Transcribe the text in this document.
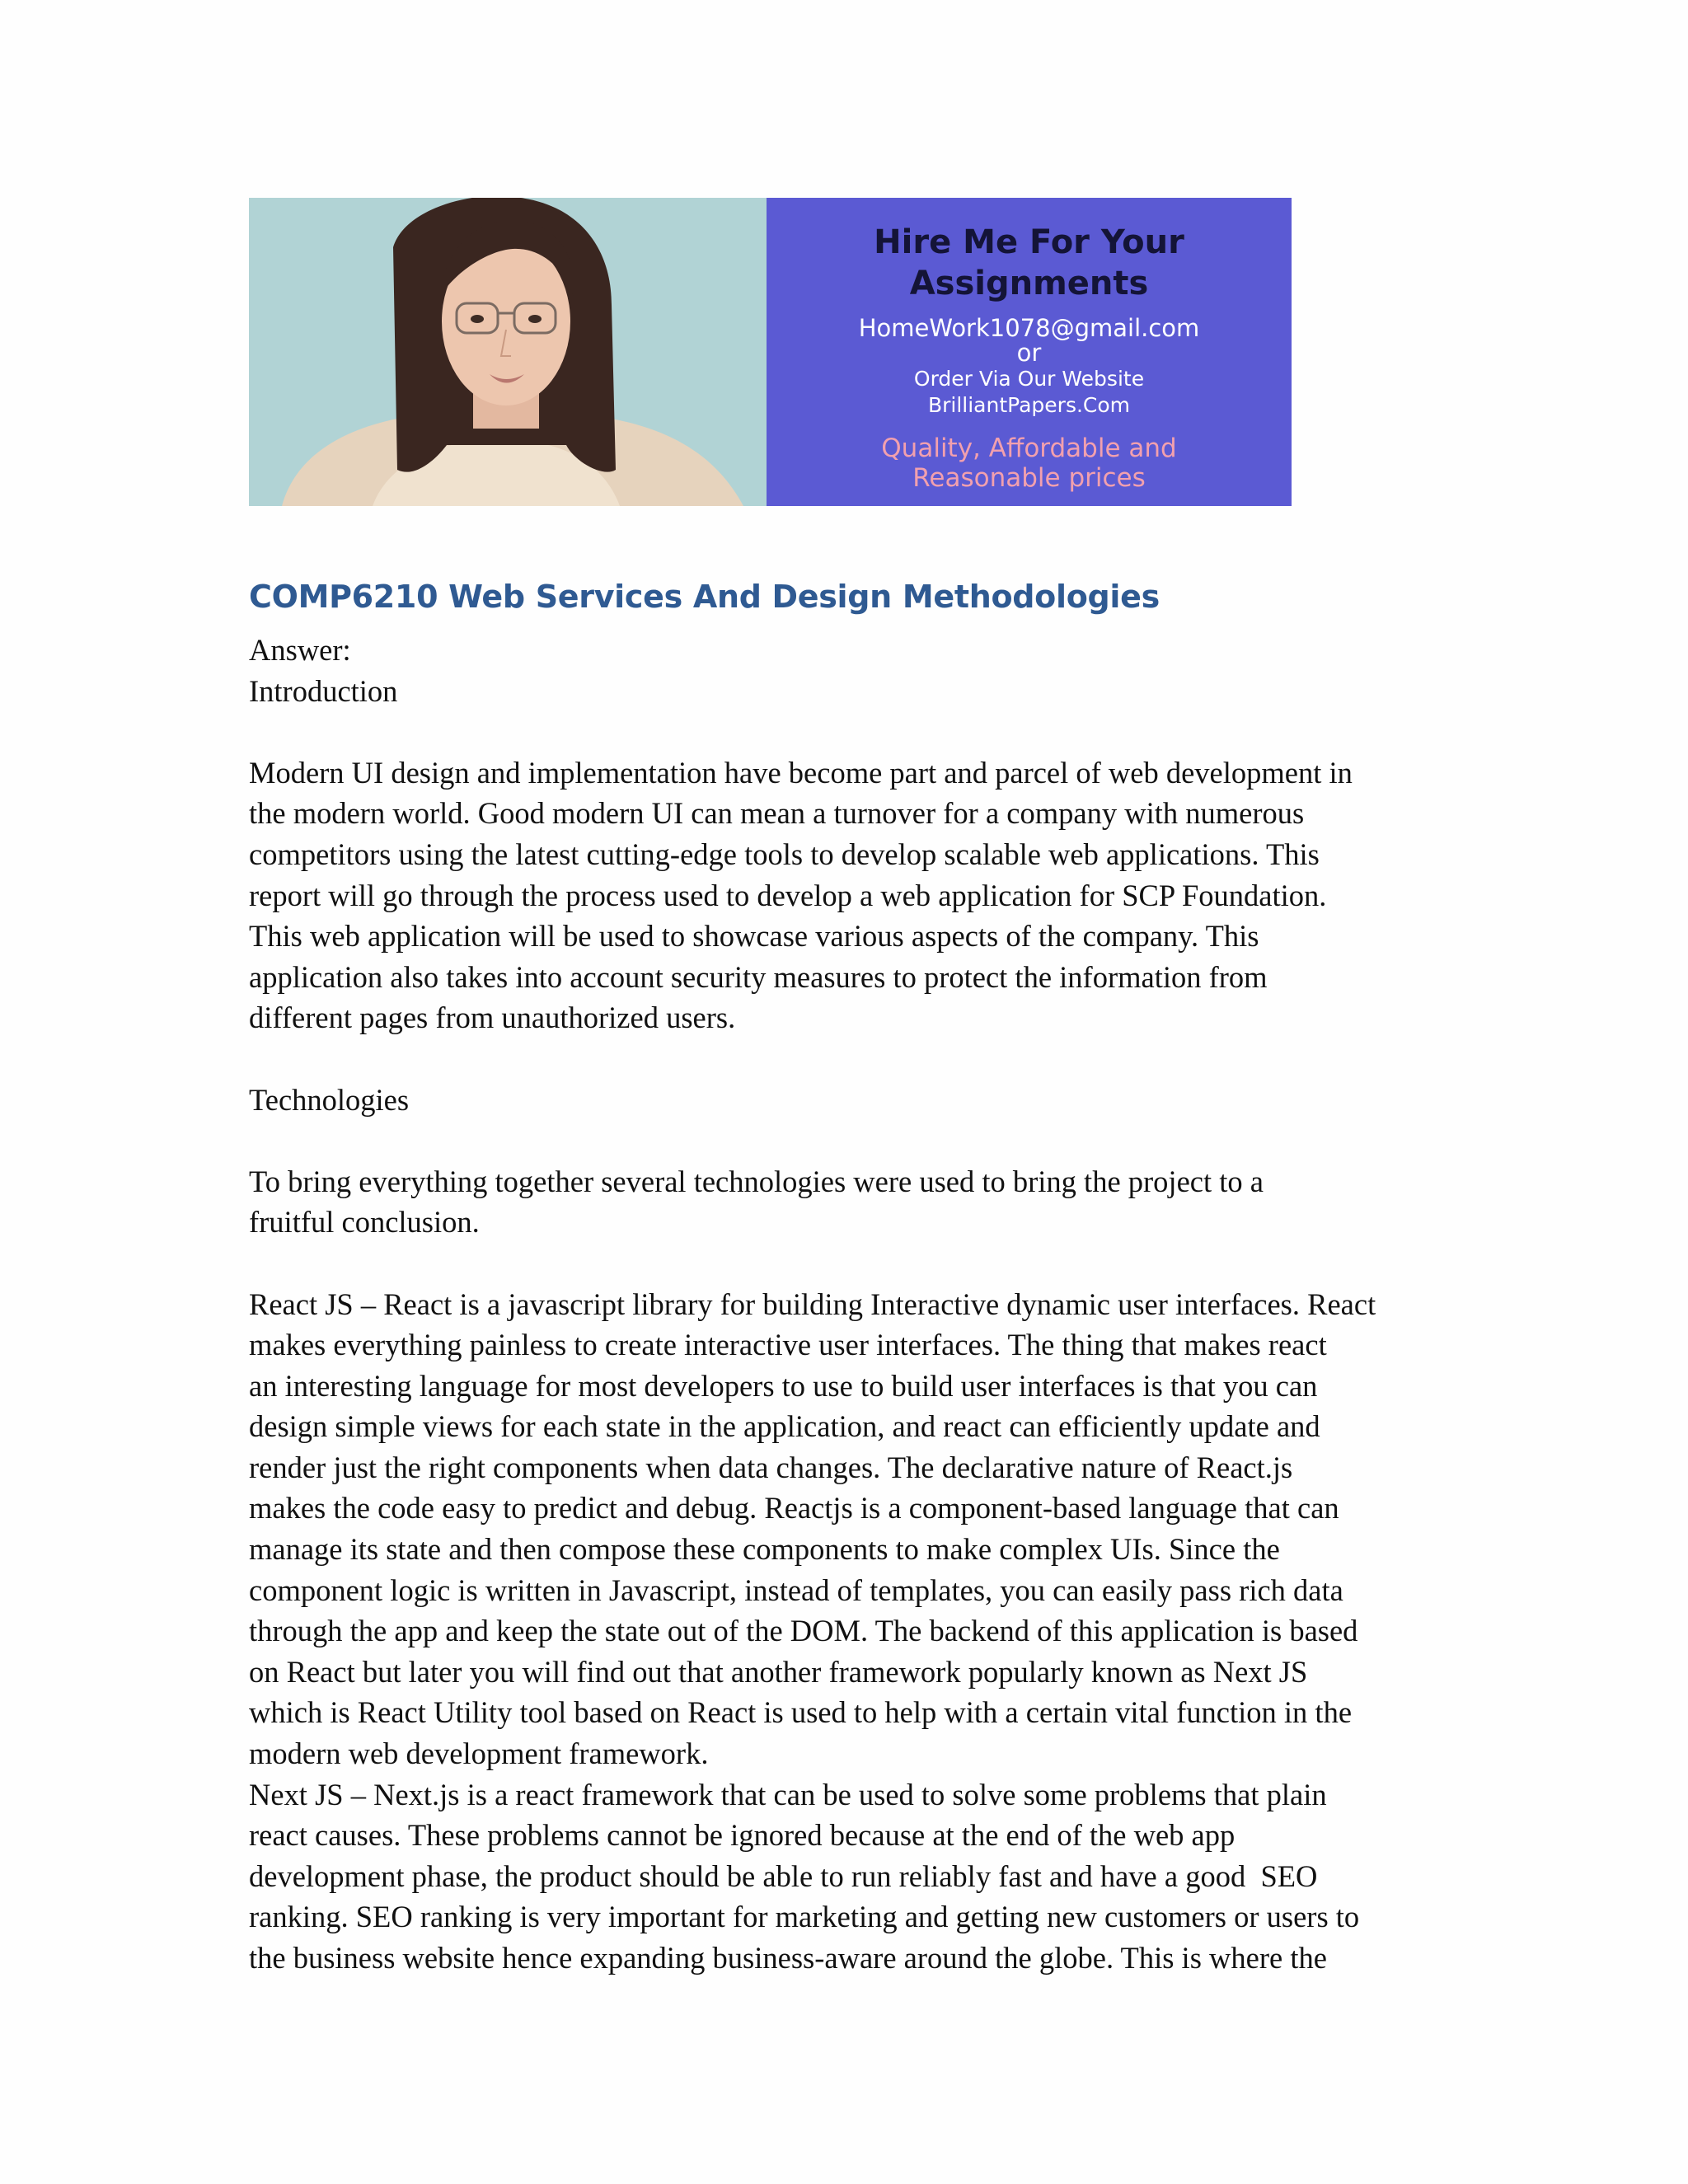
Hire Me For Your
Assignments
HomeWork1078@gmail.com
or
Order Via Our Website
BrilliantPapers.Com
Quality, Affordable and
Reasonable prices
COMP6210 Web Services And Design Methodologies

Answer:

Introduction

Modern UI design and implementation have become part and parcel of web development in

the modern world. Good modern UI can mean a turnover for a company with numerous

competitors using the latest cutting-edge tools to develop scalable web applications. This

report will go through the process used to develop a web application for SCP Foundation.

This web application will be used to showcase various aspects of the company. This

application also takes into account security measures to protect the information from

different pages from unauthorized users.

Technologies

To bring everything together several technologies were used to bring the project to a

fruitful conclusion.

React JS – React is a javascript library for building Interactive dynamic user interfaces. React

makes everything painless to create interactive user interfaces. The thing that makes react

an interesting language for most developers to use to build user interfaces is that you can

design simple views for each state in the application, and react can efficiently update and

render just the right components when data changes. The declarative nature of React.js

makes the code easy to predict and debug. Reactjs is a component-based language that can

manage its state and then compose these components to make complex UIs. Since the

component logic is written in Javascript, instead of templates, you can easily pass rich data

through the app and keep the state out of the DOM. The backend of this application is based

on React but later you will find out that another framework popularly known as Next JS

which is React Utility tool based on React is used to help with a certain vital function in the

modern web development framework.

Next JS – Next.js is a react framework that can be used to solve some problems that plain

react causes. These problems cannot be ignored because at the end of the web app

development phase, the product should be able to run reliably fast and have a good  SEO

ranking. SEO ranking is very important for marketing and getting new customers or users to

the business website hence expanding business-aware around the globe. This is where the
